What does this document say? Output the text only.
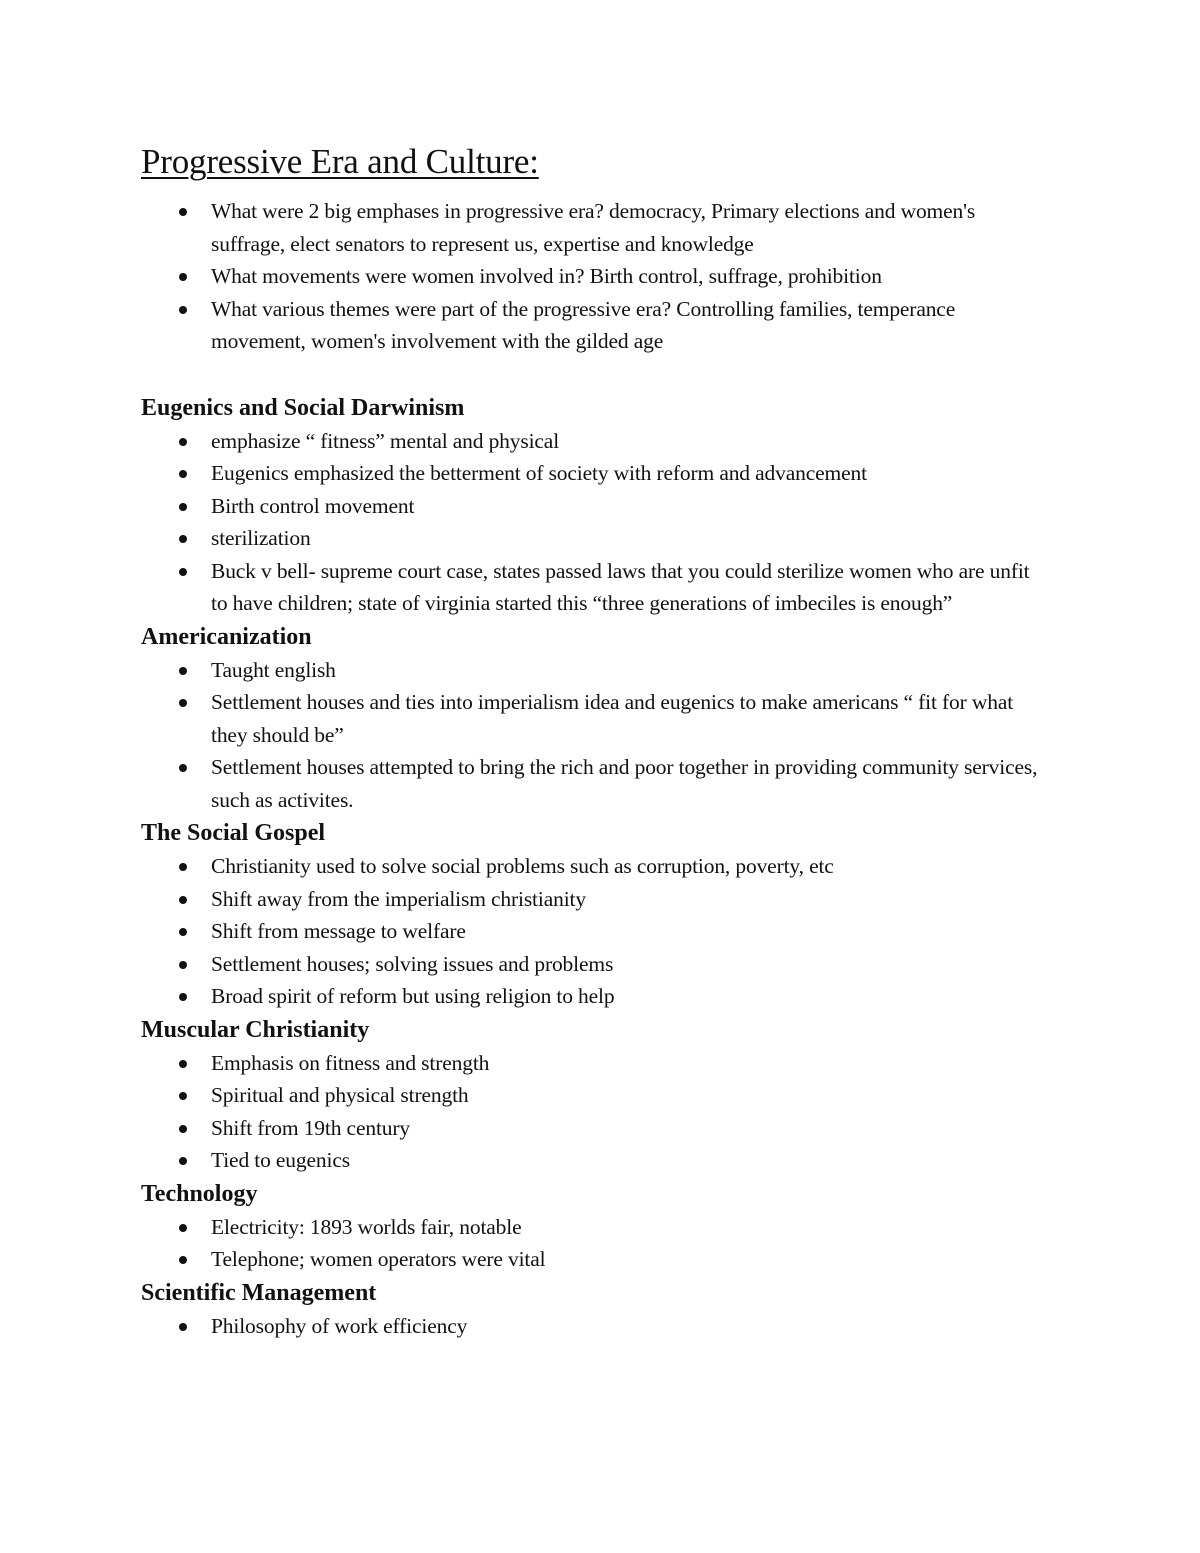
Progressive Era and Culture:
What were 2 big emphases in progressive era? democracy, Primary elections and women's suffrage, elect senators to represent us, expertise and knowledge
What movements were women involved in? Birth control, suffrage, prohibition
What various themes were part of the progressive era? Controlling families, temperance movement, women's involvement with the gilded age
Eugenics and Social Darwinism
emphasize “ fitness” mental and physical
Eugenics emphasized the betterment of society with reform and advancement
Birth control movement
sterilization
Buck v bell- supreme court case, states passed laws that you could sterilize women who are unfit to have children; state of virginia started this “three generations of imbeciles is enough”
Americanization
Taught english
Settlement houses and ties into imperialism idea and eugenics to make americans “ fit for what they should be”
Settlement houses attempted to bring the rich and poor together in providing community services, such as activites.
The Social Gospel
Christianity used to solve social problems such as corruption, poverty, etc
Shift away from the imperialism christianity
Shift from message to welfare
Settlement houses; solving issues and problems
Broad spirit of reform but using religion to help
Muscular Christianity
Emphasis on fitness and strength
Spiritual and physical strength
Shift from 19th century
Tied to eugenics
Technology
Electricity: 1893 worlds fair, notable
Telephone; women operators were vital
Scientific Management
Philosophy of work efficiency
